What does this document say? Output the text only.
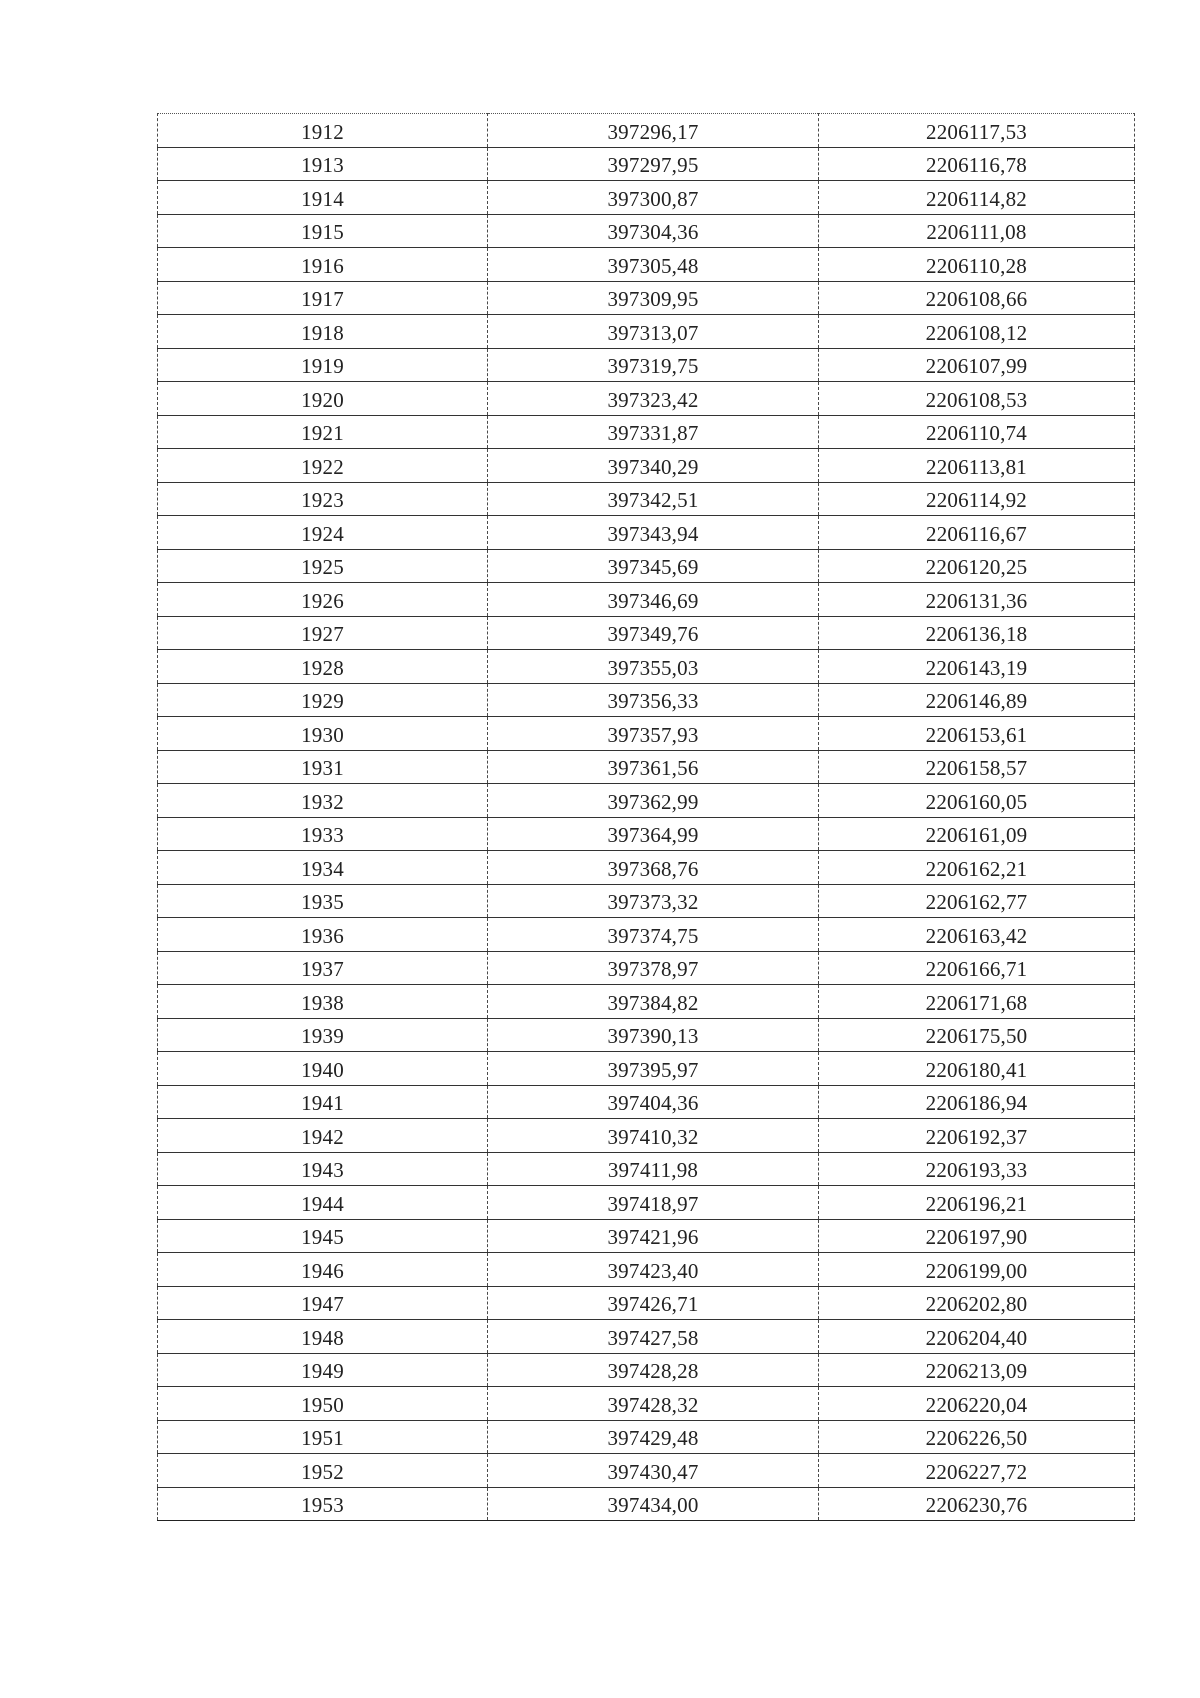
1912	397296,17	2206117,53
1913	397297,95	2206116,78
1914	397300,87	2206114,82
1915	397304,36	2206111,08
1916	397305,48	2206110,28
1917	397309,95	2206108,66
1918	397313,07	2206108,12
1919	397319,75	2206107,99
1920	397323,42	2206108,53
1921	397331,87	2206110,74
1922	397340,29	2206113,81
1923	397342,51	2206114,92
1924	397343,94	2206116,67
1925	397345,69	2206120,25
1926	397346,69	2206131,36
1927	397349,76	2206136,18
1928	397355,03	2206143,19
1929	397356,33	2206146,89
1930	397357,93	2206153,61
1931	397361,56	2206158,57
1932	397362,99	2206160,05
1933	397364,99	2206161,09
1934	397368,76	2206162,21
1935	397373,32	2206162,77
1936	397374,75	2206163,42
1937	397378,97	2206166,71
1938	397384,82	2206171,68
1939	397390,13	2206175,50
1940	397395,97	2206180,41
1941	397404,36	2206186,94
1942	397410,32	2206192,37
1943	397411,98	2206193,33
1944	397418,97	2206196,21
1945	397421,96	2206197,90
1946	397423,40	2206199,00
1947	397426,71	2206202,80
1948	397427,58	2206204,40
1949	397428,28	2206213,09
1950	397428,32	2206220,04
1951	397429,48	2206226,50
1952	397430,47	2206227,72
1953	397434,00	2206230,76
